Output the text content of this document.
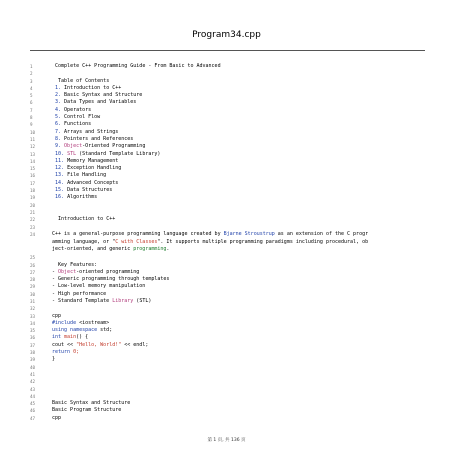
Program34.cpp
1	Complete C++ Programming Guide - From Basic to Advanced
2
3	Table of Contents
4	1. Introduction to C++
5	2. Basic Syntax and Structure
6	3. Data Types and Variables
7	4. Operators
8	5. Control Flow
9	6. Functions
10	7. Arrays and Strings
11	8. Pointers and References
12	9. Object-Oriented Programming
13	10. STL (Standard Template Library)
14	11. Memory Management
15	12. Exception Handling
16	13. File Handling
17	14. Advanced Concepts
18	15. Data Structures
19	16. Algorithms
20
21
22	Introduction to C++
23
24	C++ is a general-purpose programming language created by Bjarne Stroustrup as an extension of the C progr
amming language, or "C with Classes". It supports multiple programming paradigms including procedural, ob
ject-oriented, and generic programming.
25
26	Key Features:
27	- Object-oriented programming
28	- Generic programming through templates
29	- Low-level memory manipulation
30	- High performance
31	- Standard Template Library (STL)
32
33	cpp
34	#include <iostream>
35	using namespace std;
36	int main() {
37	cout << "Hello, World!" << endl;
38	return 0;
39	}
40
41
42
43
44
45	Basic Syntax and Structure
46	Basic Program Structure
47	cpp
第 1 页, 共 136 页
